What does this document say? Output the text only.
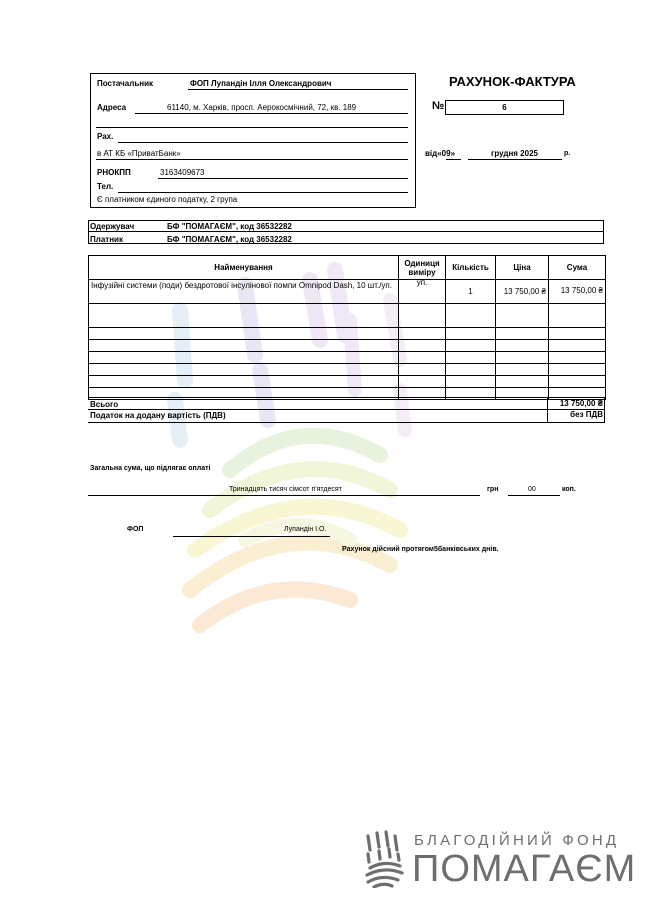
Постачальник	ФОП Лупандін Ілля Олександрович
Адреса	61140, м. Харків, просп. Аерокосмічний, 72, кв. 189
Рах.
в АТ КБ «ПриватБанк»
РНОКПП	3163409673
Тел.
Є платником єдиного податку, 2 група
РАХУНОК-ФАКТУРА
№	6
від«09»	грудня 2025	р.
Одержувач	БФ "ПОМАГАЄМ", код 36532282
Платник	БФ "ПОМАГАЄМ", код 36532282
Найменування	Одиниця виміру	Кількість	Ціна	Сума
Інфузійні системи (поди) бездротової інсулінової помпи Omnipod Dash, 10 шт./уп.	уп.	1	13 750,00 ₴	13 750,00 ₴

Всього	13 750,00 ₴
Податок на додану вартість (ПДВ)	без ПДВ
Загальна сума, що підлягає оплаті
Тринадцять тисяч сімсот п'ятдесят	грн	00	коп.
ФОП	Лупандін І.О.
Рахунок дійсний протягом5банківських днів.
БЛАГОДІЙНИЙ ФОНД
ПОМАГАЄМ
